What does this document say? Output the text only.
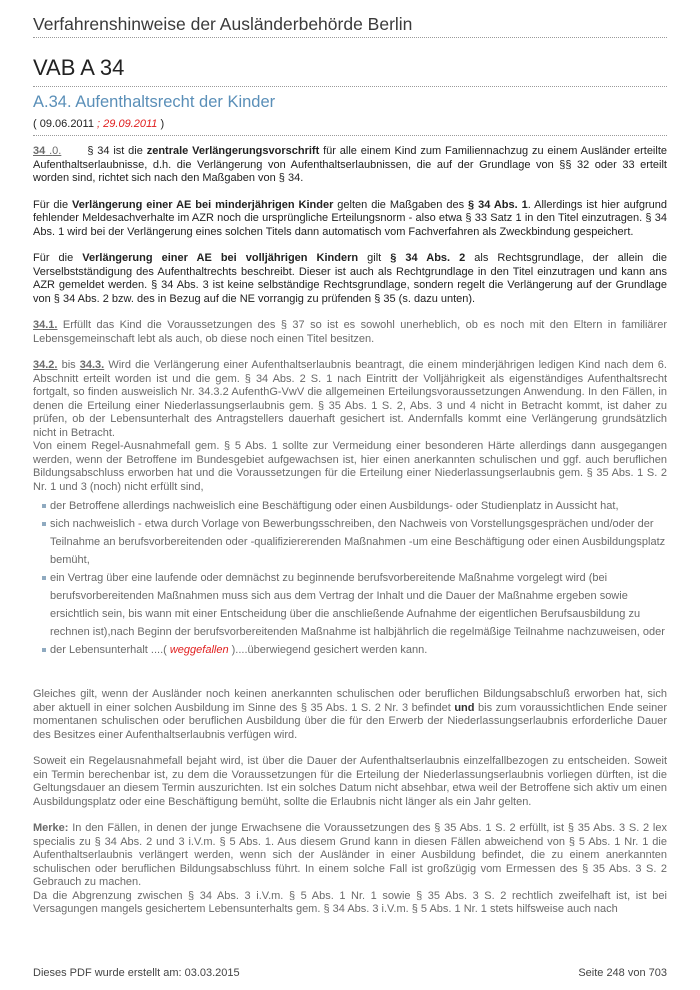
Verfahrenshinweise der Ausländerbehörde Berlin
VAB A 34
A.34. Aufenthaltsrecht der Kinder
( 09.06.2011 ; 29.09.2011 )

34 .0. § 34 ist die zentrale Verlängerungsvorschrift für alle einem Kind zum Familiennachzug zu einem Ausländer erteilte Aufenthaltserlaubnisse, d.h. die Verlängerung von Aufenthaltserlaubnissen, die auf der Grundlage von §§ 32 oder 33 erteilt worden sind, richtet sich nach den Maßgaben von § 34.

Für die Verlängerung einer AE bei minderjährigen Kinder gelten die Maßgaben des § 34 Abs. 1. Allerdings ist hier aufgrund fehlender Meldesachverhalte im AZR noch die ursprüngliche Erteilungsnorm - also etwa § 33 Satz 1 in den Titel einzutragen. § 34 Abs. 1 wird bei der Verlängerung eines solchen Titels dann automatisch vom Fachverfahren als Zweckbindung gespeichert.

Für die Verlängerung einer AE bei volljährigen Kindern gilt § 34 Abs. 2 als Rechtsgrundlage, der allein die Verselbstständigung des Aufenthaltrechts beschreibt. Dieser ist auch als Rechtgrundlage in den Titel einzutragen und kann ans AZR gemeldet werden. § 34 Abs. 3 ist keine selbständige Rechtsgrundlage, sondern regelt die Verlängerung auf der Grundlage von § 34 Abs. 2 bzw. des in Bezug auf die NE vorrangig zu prüfenden § 35 (s. dazu unten).

34.1. Erfüllt das Kind die Voraussetzungen des § 37 so ist es sowohl unerheblich, ob es noch mit den Eltern in familiärer Lebensgemeinschaft lebt als auch, ob diese noch einen Titel besitzen.

34.2. bis 34.3. Wird die Verlängerung einer Aufenthaltserlaubnis beantragt, die einem minderjährigen ledigen Kind nach dem 6. Abschnitt erteilt worden ist und die gem. § 34 Abs. 2 S. 1 nach Eintritt der Volljährigkeit als eigenständiges Aufenthaltsrecht fortgalt, so finden ausweislich Nr. 34.3.2 AufenthG-VwV die allgemeinen Erteilungsvoraussetzungen Anwendung. In den Fällen, in denen die Erteilung einer Niederlassungserlaubnis gem. § 35 Abs. 1 S. 2, Abs. 3 und 4 nicht in Betracht kommt, ist daher zu prüfen, ob der Lebensunterhalt des Antragstellers dauerhaft gesichert ist. Andernfalls kommt eine Verlängerung grundsätzlich nicht in Betracht.

Von einem Regel-Ausnahmefall gem. § 5 Abs. 1 sollte zur Vermeidung einer besonderen Härte allerdings dann ausgegangen werden, wenn der Betroffene im Bundesgebiet aufgewachsen ist, hier einen anerkannten schulischen und ggf. auch beruflichen Bildungsabschluss erworben hat und die Voraussetzungen für die Erteilung einer Niederlassungserlaubnis gem. § 35 Abs. 1 S. 2 Nr. 1 und 3 (noch) nicht erfüllt sind,

der Betroffene allerdings nachweislich eine Beschäftigung oder einen Ausbildungs- oder Studienplatz in Aussicht hat,
sich nachweislich - etwa durch Vorlage von Bewerbungsschreiben, den Nachweis von Vorstellungsgesprächen und/oder der Teilnahme an berufsvorbereitenden oder -qualifiziererenden Maßnahmen -um eine Beschäftigung oder einen Ausbildungsplatz bemüht,
ein Vertrag über eine laufende oder demnächst zu beginnende berufsvorbereitende Maßnahme vorgelegt wird (bei berufsvorbereitenden Maßnahmen muss sich aus dem Vertrag der Inhalt und die Dauer der Maßnahme ergeben sowie ersichtlich sein, bis wann mit einer Entscheidung über die anschließende Aufnahme der eigentlichen Berufsausbildung zu rechnen ist),nach Beginn der berufsvorbereitenden Maßnahme ist halbjährlich die regelmäßige Teilnahme nachzuweisen, oder
der Lebensunterhalt ....( weggefallen )....überwiegend gesichert werden kann.

Gleiches gilt, wenn der Ausländer noch keinen anerkannten schulischen oder beruflichen Bildungsabschluß erworben hat, sich aber aktuell in einer solchen Ausbildung im Sinne des § 35 Abs. 1 S. 2 Nr. 3 befindet und bis zum voraussichtlichen Ende seiner momentanen schulischen oder beruflichen Ausbildung über die für den Erwerb der Niederlassungserlaubnis erforderliche Dauer des Besitzes einer Aufenthaltserlaubnis verfügen wird.

Soweit ein Regelausnahmefall bejaht wird, ist über die Dauer der Aufenthaltserlaubnis einzelfallbezogen zu entscheiden. Soweit ein Termin berechenbar ist, zu dem die Voraussetzungen für die Erteilung der Niederlassungserlaubnis vorliegen dürften, ist die Geltungsdauer an diesem Termin auszurichten. Ist ein solches Datum nicht absehbar, etwa weil der Betroffene sich aktiv um einen Ausbildungsplatz oder eine Beschäftigung bemüht, sollte die Erlaubnis nicht länger als ein Jahr gelten.

Merke: In den Fällen, in denen der junge Erwachsene die Voraussetzungen des § 35 Abs. 1 S. 2 erfüllt, ist § 35 Abs. 3 S. 2 lex specialis zu § 34 Abs. 2 und 3 i.V.m. § 5 Abs. 1. Aus diesem Grund kann in diesen Fällen abweichend von § 5 Abs. 1 Nr. 1 die Aufenthaltserlaubnis verlängert werden, wenn sich der Ausländer in einer Ausbildung befindet, die zu einem anerkannten schulischen oder beruflichen Bildungsabschluss führt. In einem solche Fall ist großzügig vom Ermessen des § 35 Abs. 3 S. 2 Gebrauch zu machen.

Da die Abgrenzung zwischen § 34 Abs. 3 i.V.m. § 5 Abs. 1 Nr. 1 sowie § 35 Abs. 3 S. 2 rechtlich zweifelhaft ist, ist bei Versagungen mangels gesichertem Lebensunterhalts gem. § 34 Abs. 3 i.V.m. § 5 Abs. 1 Nr. 1 stets hilfsweise auch nach

Dieses PDF wurde erstellt am: 03.03.2015	Seite 248 von 703
